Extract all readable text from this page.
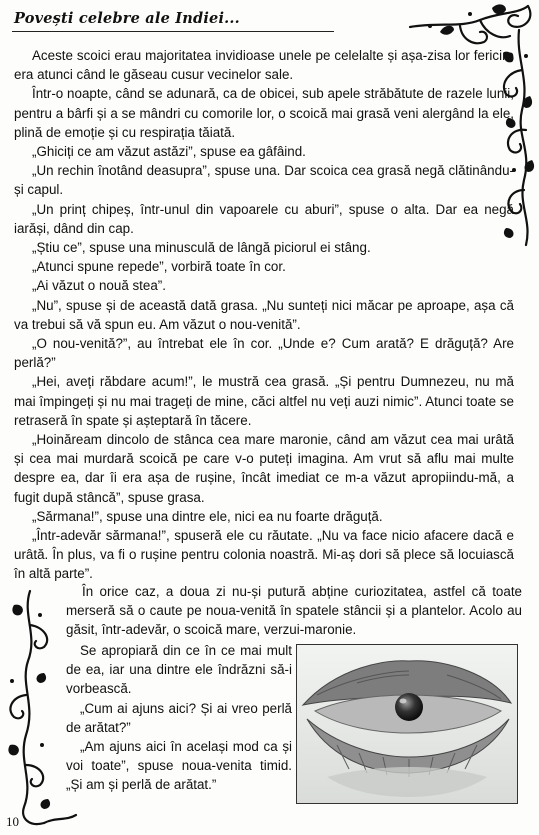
Povești celebre ale Indiei...

Aceste scoici erau majoritatea invidioase unele pe celelalte și așa-zisa lor fericire era atunci când le găseau cusur vecinelor sale.

Într-o noapte, când se adunară, ca de obicei, sub apele străbătute de razele lunii, pentru a bârfi și a se mândri cu comorile lor, o scoică mai grasă veni alergând la ele, plină de emoție și cu respirația tăiată.

„Ghiciți ce am văzut astăzi”, spuse ea gâfâind.

„Un rechin înotând deasupra”, spuse una. Dar scoica cea grasă negă clătinându-și capul.

„Un prinț chipeș, într-unul din vapoarele cu aburi”, spuse o alta. Dar ea negă iarăși, dând din cap.

„Știu ce”, spuse una minusculă de lângă piciorul ei stâng.

„Atunci spune repede”, vorbiră toate în cor.

„Ai văzut o nouă stea”.

„Nu”, spuse și de această dată grasa. „Nu sunteți nici măcar pe aproape, așa că va trebui să vă spun eu. Am văzut o nou-venită”.

„O nou-venită?”, au întrebat ele în cor. „Unde e? Cum arată? E drăguță? Are perlă?”

„Hei, aveți răbdare acum!”, le mustră cea grasă. „Și pentru Dumnezeu, nu mă mai împingeți și nu mai trageți de mine, căci altfel nu veți auzi nimic”. Atunci toate se retraseră în spate și așteptară în tăcere.

„Hoinăream dincolo de stânca cea mare maronie, când am văzut cea mai urâtă și cea mai murdară scoică pe care v-o puteți imagina. Am vrut să aflu mai multe despre ea, dar îi era așa de rușine, încât imediat ce m-a văzut apropiindu-mă, a fugit după stâncă”, spuse grasa.

„Sărmana!”, spuse una dintre ele, nici ea nu foarte drăguță.

„Într-adevăr sărmana!”, spuseră ele cu răutate. „Nu va face nicio afacere dacă e urâtă. În plus, va fi o rușine pentru colonia noastră. Mi-aș dori să plece să locuiască în altă parte”.

În orice caz, a doua zi nu-și putură abține curiozitatea, astfel că toate merseră să o caute pe noua-venită în spatele stâncii și a plantelor. Acolo au găsit, într-adevăr, o scoică mare, verzui-maronie.

Se apropiară din ce în ce mai mult de ea, iar una dintre ele îndrăzni să-i vorbească.

„Cum ai ajuns aici? Și ai vreo perlă de arătat?”

„Am ajuns aici în același mod ca și voi toate”, spuse noua-venita timid. „Și am și perlă de arătat.”

10
